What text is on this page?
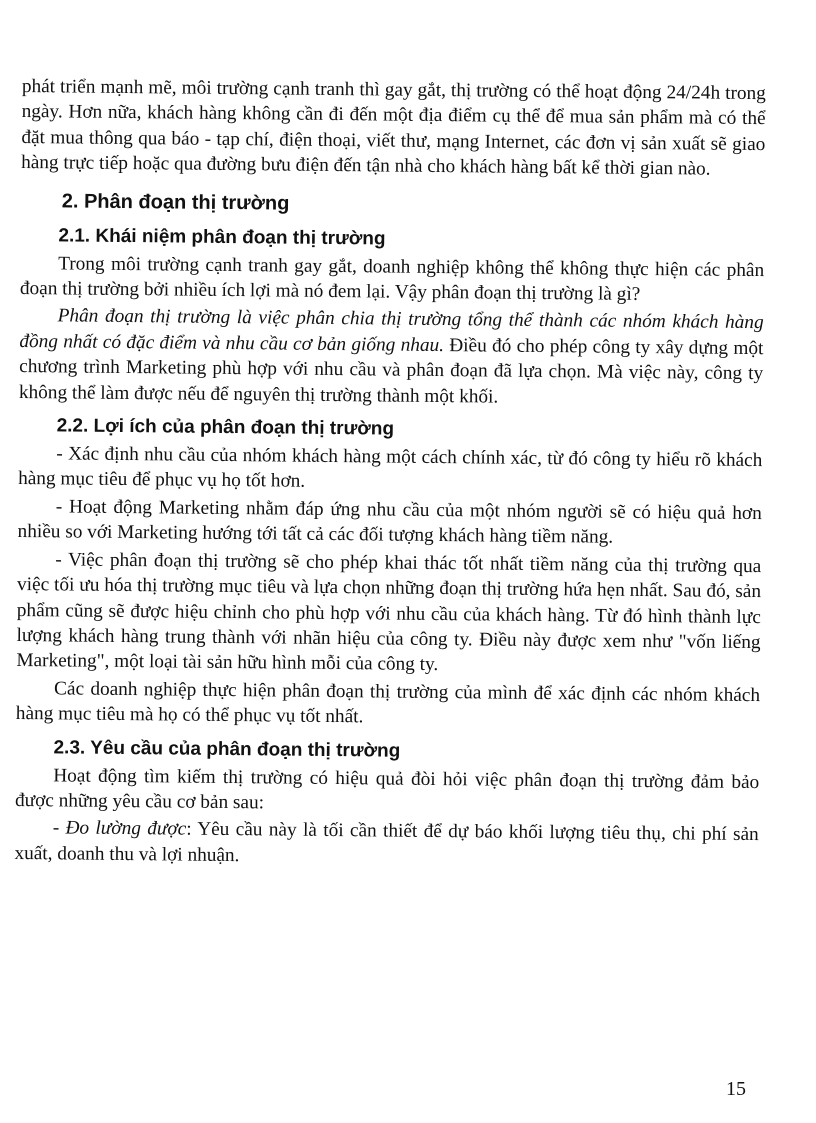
phát triển mạnh mẽ, môi trường cạnh tranh thì gay gắt, thị trường có thể hoạt động 24/24h trong ngày. Hơn nữa, khách hàng không cần đi đến một địa điểm cụ thể để mua sản phẩm mà có thể đặt mua thông qua báo - tạp chí, điện thoại, viết thư, mạng Internet, các đơn vị sản xuất sẽ giao hàng trực tiếp hoặc qua đường bưu điện đến tận nhà cho khách hàng bất kể thời gian nào.

2. Phân đoạn thị trường
2.1. Khái niệm phân đoạn thị trường

Trong môi trường cạnh tranh gay gắt, doanh nghiệp không thể không thực hiện các phân đoạn thị trường bởi nhiều ích lợi mà nó đem lại. Vậy phân đoạn thị trường là gì?

Phân đoạn thị trường là việc phân chia thị trường tổng thể thành các nhóm khách hàng đồng nhất có đặc điểm và nhu cầu cơ bản giống nhau. Điều đó cho phép công ty xây dựng một chương trình Marketing phù hợp với nhu cầu và phân đoạn đã lựa chọn. Mà việc này, công ty không thể làm được nếu để nguyên thị trường thành một khối.

2.2. Lợi ích của phân đoạn thị trường

- Xác định nhu cầu của nhóm khách hàng một cách chính xác, từ đó công ty hiểu rõ khách hàng mục tiêu để phục vụ họ tốt hơn.

- Hoạt động Marketing nhằm đáp ứng nhu cầu của một nhóm người sẽ có hiệu quả hơn nhiều so với Marketing hướng tới tất cả các đối tượng khách hàng tiềm năng.

- Việc phân đoạn thị trường sẽ cho phép khai thác tốt nhất tiềm năng của thị trường qua việc tối ưu hóa thị trường mục tiêu và lựa chọn những đoạn thị trường hứa hẹn nhất. Sau đó, sản phẩm cũng sẽ được hiệu chỉnh cho phù hợp với nhu cầu của khách hàng. Từ đó hình thành lực lượng khách hàng trung thành với nhãn hiệu của công ty. Điều này được xem như "vốn liếng Marketing", một loại tài sản hữu hình mỗi của công ty.

Các doanh nghiệp thực hiện phân đoạn thị trường của mình để xác định các nhóm khách hàng mục tiêu mà họ có thể phục vụ tốt nhất.

2.3. Yêu cầu của phân đoạn thị trường

Hoạt động tìm kiếm thị trường có hiệu quả đòi hỏi việc phân đoạn thị trường đảm bảo được những yêu cầu cơ bản sau:

- Đo lường được: Yêu cầu này là tối cần thiết để dự báo khối lượng tiêu thụ, chi phí sản xuất, doanh thu và lợi nhuận.

15
